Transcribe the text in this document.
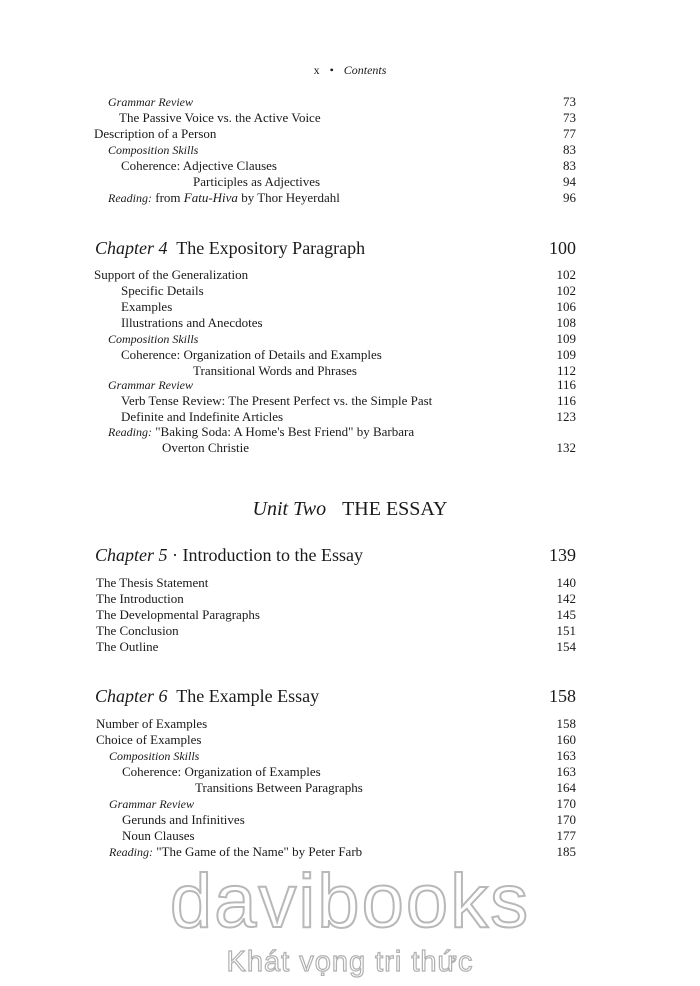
x • Contents
Grammar Review	73
The Passive Voice vs. the Active Voice	73
Description of a Person	77
Composition Skills	83
Coherence: Adjective Clauses	83
Participles as Adjectives	94
Reading: from Fatu-Hiva by Thor Heyerdahl	96
Chapter 4 The Expository Paragraph	100
Support of the Generalization	102
Specific Details	102
Examples	106
Illustrations and Anecdotes	108
Composition Skills	109
Coherence: Organization of Details and Examples	109
Transitional Words and Phrases	112
Grammar Review	116
Verb Tense Review: The Present Perfect vs. the Simple Past	116
Definite and Indefinite Articles	123
Reading: "Baking Soda: A Home's Best Friend" by Barbara
Overton Christie	132
Unit Two THE ESSAY
Chapter 5 · Introduction to the Essay	139
The Thesis Statement	140
The Introduction	142
The Developmental Paragraphs	145
The Conclusion	151
The Outline	154
Chapter 6 The Example Essay	158
Number of Examples	158
Choice of Examples	160
Composition Skills	163
Coherence: Organization of Examples	163
Transitions Between Paragraphs	164
Grammar Review	170
Gerunds and Infinitives	170
Noun Clauses	177
Reading: "The Game of the Name" by Peter Farb	185
davibooks
Khát vọng tri thức
